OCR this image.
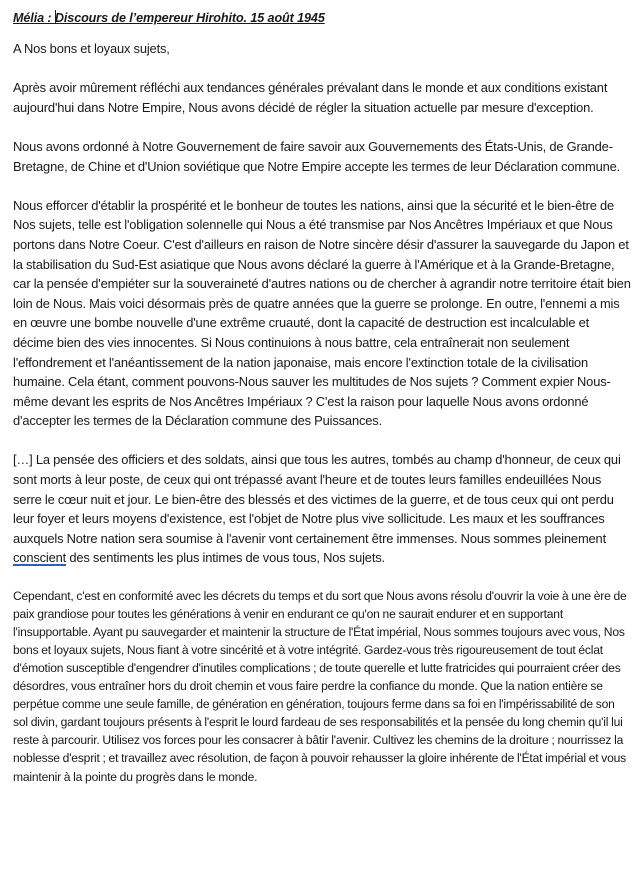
Mélia : Discours de l’empereur Hirohito. 15 août 1945

A Nos bons et loyaux sujets,

Après avoir mûrement réfléchi aux tendances générales prévalant dans le monde et aux conditions existant aujourd'hui dans Notre Empire, Nous avons décidé de régler la situation actuelle par mesure d'exception.

Nous avons ordonné à Notre Gouvernement de faire savoir aux Gouvernements des États-Unis, de Grande-Bretagne, de Chine et d'Union soviétique que Notre Empire accepte les termes de leur Déclaration commune.

Nous efforcer d'établir la prospérité et le bonheur de toutes les nations, ainsi que la sécurité et le bien-être de Nos sujets, telle est l'obligation solennelle qui Nous a été transmise par Nos Ancêtres Impériaux et que Nous portons dans Notre Coeur. C'est d'ailleurs en raison de Notre sincère désir d'assurer la sauvegarde du Japon et la stabilisation du Sud-Est asiatique que Nous avons déclaré la guerre à l'Amérique et à la Grande-Bretagne, car la pensée d'empiéter sur la souveraineté d'autres nations ou de chercher à agrandir notre territoire était bien loin de Nous. Mais voici désormais près de quatre années que la guerre se prolonge. En outre, l'ennemi a mis en œuvre une bombe nouvelle d'une extrême cruauté, dont la capacité de destruction est incalculable et décime bien des vies innocentes. Si Nous continuions à nous battre, cela entraînerait non seulement l'effondrement et l'anéantissement de la nation japonaise, mais encore l'extinction totale de la civilisation humaine. Cela étant, comment pouvons-Nous sauver les multitudes de Nos sujets ? Comment expier Nous-même devant les esprits de Nos Ancêtres Impériaux ? C'est la raison pour laquelle Nous avons ordonné d'accepter les termes de la Déclaration commune des Puissances.

[…] La pensée des officiers et des soldats, ainsi que tous les autres, tombés au champ d'honneur, de ceux qui sont morts à leur poste, de ceux qui ont trépassé avant l'heure et de toutes leurs familles endeuillées Nous serre le cœur nuit et jour. Le bien-être des blessés et des victimes de la guerre, et de tous ceux qui ont perdu leur foyer et leurs moyens d'existence, est l'objet de Notre plus vive sollicitude. Les maux et les souffrances auxquels Notre nation sera soumise à l'avenir vont certainement être immenses. Nous sommes pleinement conscient des sentiments les plus intimes de vous tous, Nos sujets.

Cependant, c'est en conformité avec les décrets du temps et du sort que Nous avons résolu d'ouvrir la voie à une ère de paix grandiose pour toutes les générations à venir en endurant ce qu'on ne saurait endurer et en supportant l'insupportable. Ayant pu sauvegarder et maintenir la structure de l'État impérial, Nous sommes toujours avec vous, Nos bons et loyaux sujets, Nous fiant à votre sincérité et à votre intégrité. Gardez-vous très rigoureusement de tout éclat d'émotion susceptible d'engendrer d'inutiles complications ; de toute querelle et lutte fratricides qui pourraient créer des désordres, vous entraîner hors du droit chemin et vous faire perdre la confiance du monde. Que la nation entière se perpétue comme une seule famille, de génération en génération, toujours ferme dans sa foi en l'impérissabilité de son sol divin, gardant toujours présents à l'esprit le lourd fardeau de ses responsabilités et la pensée du long chemin qu'il lui reste à parcourir. Utilisez vos forces pour les consacrer à bâtir l'avenir. Cultivez les chemins de la droiture ; nourrissez la noblesse d'esprit ; et travaillez avec résolution, de façon à pouvoir rehausser la gloire inhérente de l'État impérial et vous maintenir à la pointe du progrès dans le monde.
